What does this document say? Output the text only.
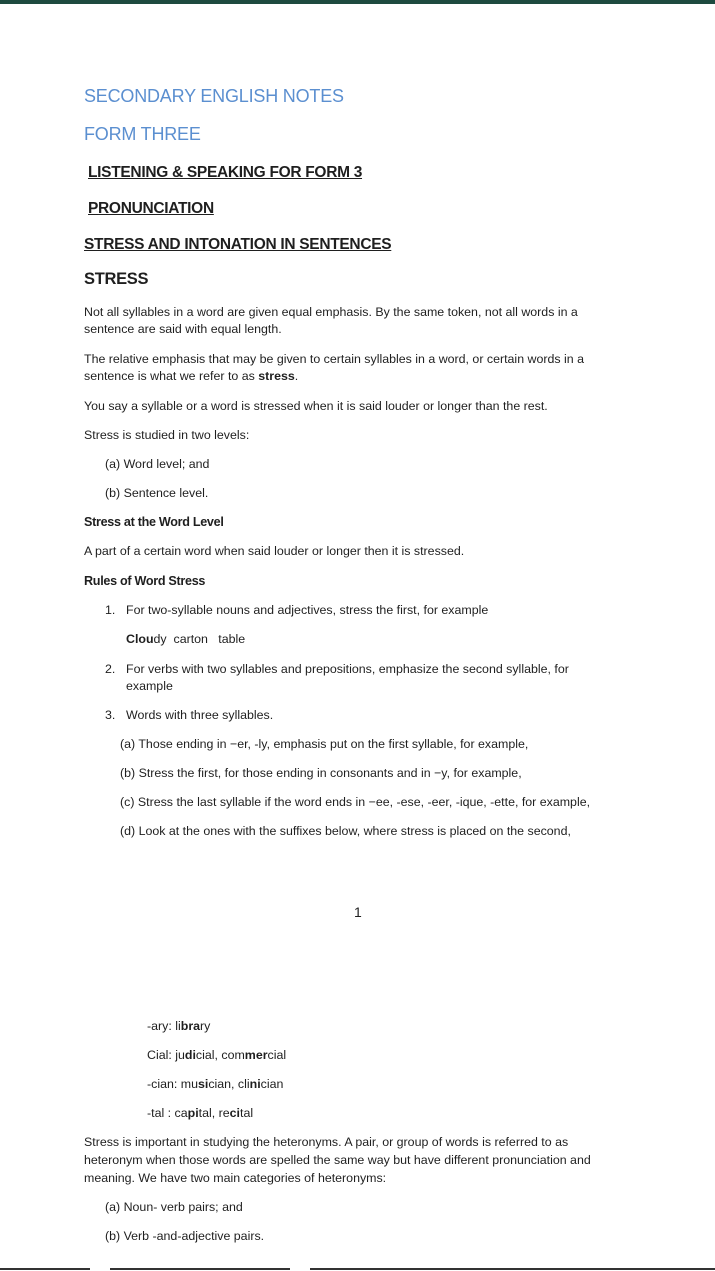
SECONDARY ENGLISH NOTES
FORM THREE
LISTENING & SPEAKING FOR FORM 3
PRONUNCIATION
STRESS AND INTONATION IN SENTENCES
STRESS
Not all syllables in a word are given equal emphasis. By the same token, not all words in a
sentence are said with equal length.
The relative emphasis that may be given to certain syllables in a word, or certain words in a
sentence is what we refer to as stress.
You say a syllable or a word is stressed when it is said louder or longer than the rest.
Stress is studied in two levels:
(a) Word level; and
(b) Sentence level.
Stress at the Word Level
A part of a certain word when said louder or longer then it is stressed.
Rules of Word Stress
1. For two-syllable nouns and adjectives, stress the first, for example
Cloudy  carton   table
2. For verbs with two syllables and prepositions, emphasize the second syllable, for
example
3. Words with three syllables.
(a) Those ending in −er, -ly, emphasis put on the first syllable, for example,
(b) Stress the first, for those ending in consonants and in −y, for example,
(c) Stress the last syllable if the word ends in −ee, -ese, -eer, -ique, -ette, for example,
(d) Look at the ones with the suffixes below, where stress is placed on the second,
1
-ary: library
Cial: judicial, commercial
-cian: musician, clinician
-tal : capital, recital
Stress is important in studying the heteronyms. A pair, or group of words is referred to as
heteronym when those words are spelled the same way but have different pronunciation and
meaning. We have two main categories of heteronyms:
(a) Noun- verb pairs; and
(b) Verb -and-adjective pairs.
